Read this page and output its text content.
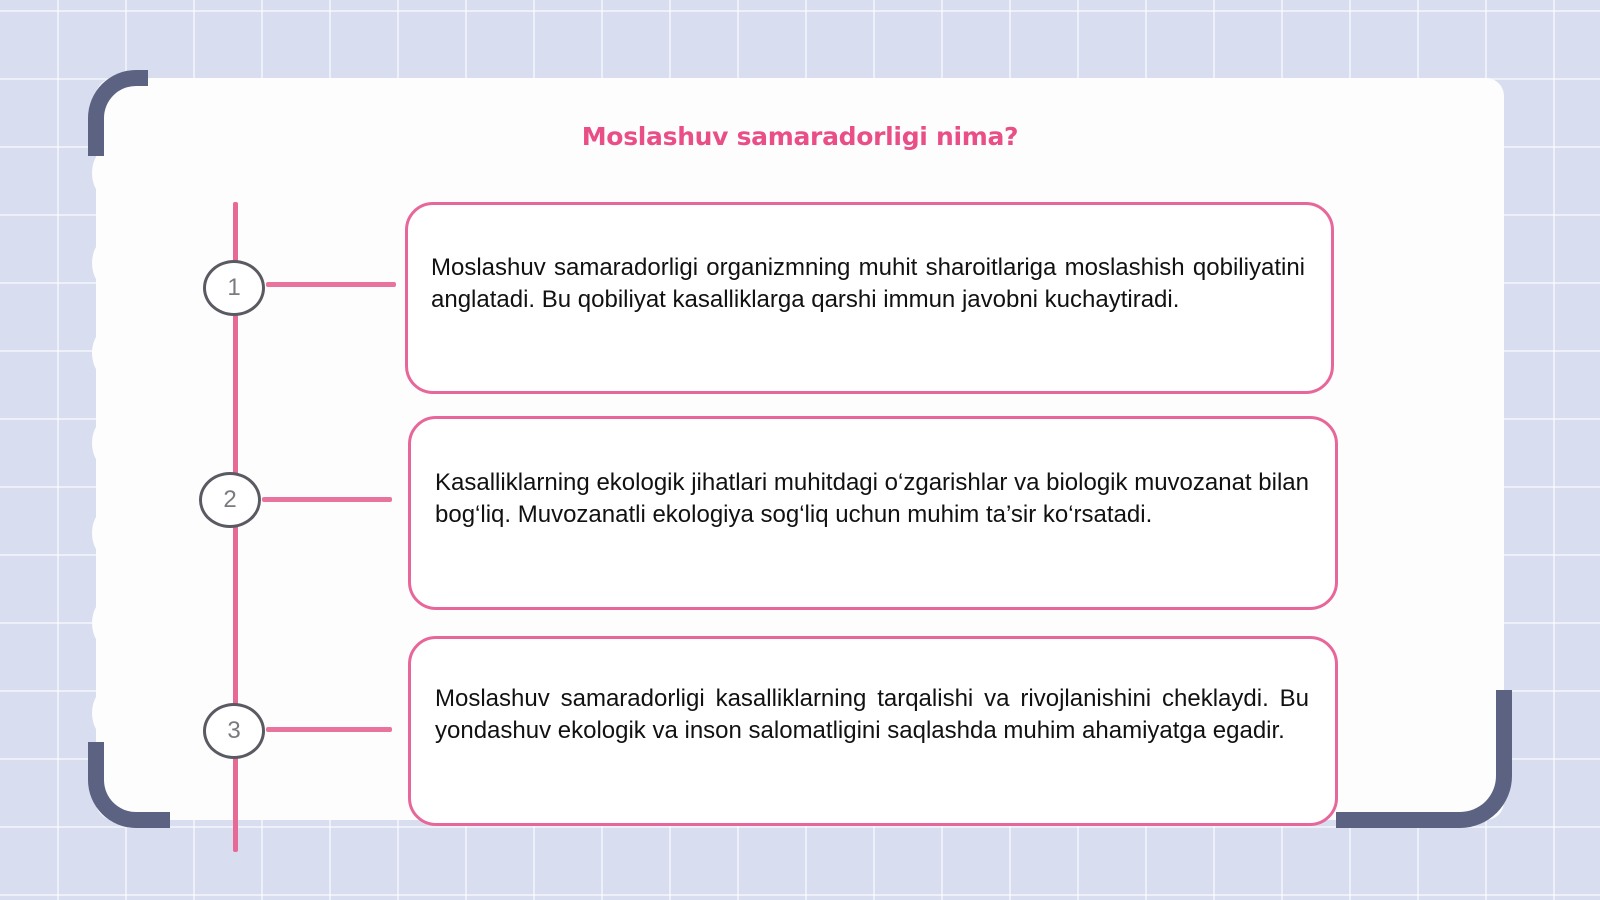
Moslashuv samaradorligi nima?
1
Moslashuv samaradorligi organizmning muhit sharoitlariga moslashish qobiliyatini anglatadi. Bu qobiliyat kasalliklarga qarshi immun javobni kuchaytiradi.
2
Kasalliklarning ekologik jihatlari muhitdagi o‘zgarishlar va biologik muvozanat bilan bog‘liq. Muvozanatli ekologiya sog‘liq uchun muhim ta’sir ko‘rsatadi.
3
Moslashuv samaradorligi kasalliklarning tarqalishi va rivojlanishini cheklaydi. Bu yondashuv ekologik va inson salomatligini saqlashda muhim ahamiyatga egadir.
